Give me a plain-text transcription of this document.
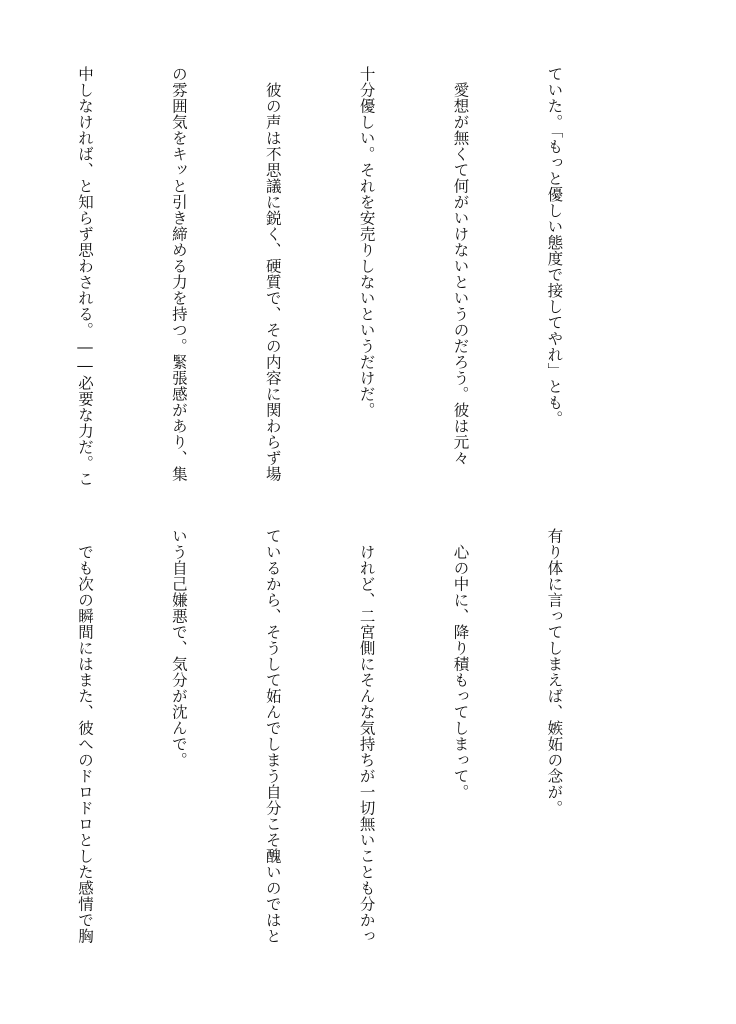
ていた。「もっと優しい態度で接してやれ」とも。

　愛想が無くて何がいけないというのだろう。彼は元々

十分優しい。それを安売りしないというだけだ。

　彼の声は不思議に鋭く、硬質で、その内容に関わらず場

の雰囲気をキッと引き締める力を持つ。緊張感があり、集

中しなければ、と知らず思わされる。――必要な力だ。こ

有り体に言ってしまえば、嫉妬の念が。

　心の中に、降り積もってしまって。

　けれど、二宮側にそんな気持ちが一切無いことも分かっ

ているから、そうして妬んでしまう自分こそ醜いのではと

いう自己嫌悪で、気分が沈んで。

　でも次の瞬間にはまた、彼へのドロドロとした感情で胸
